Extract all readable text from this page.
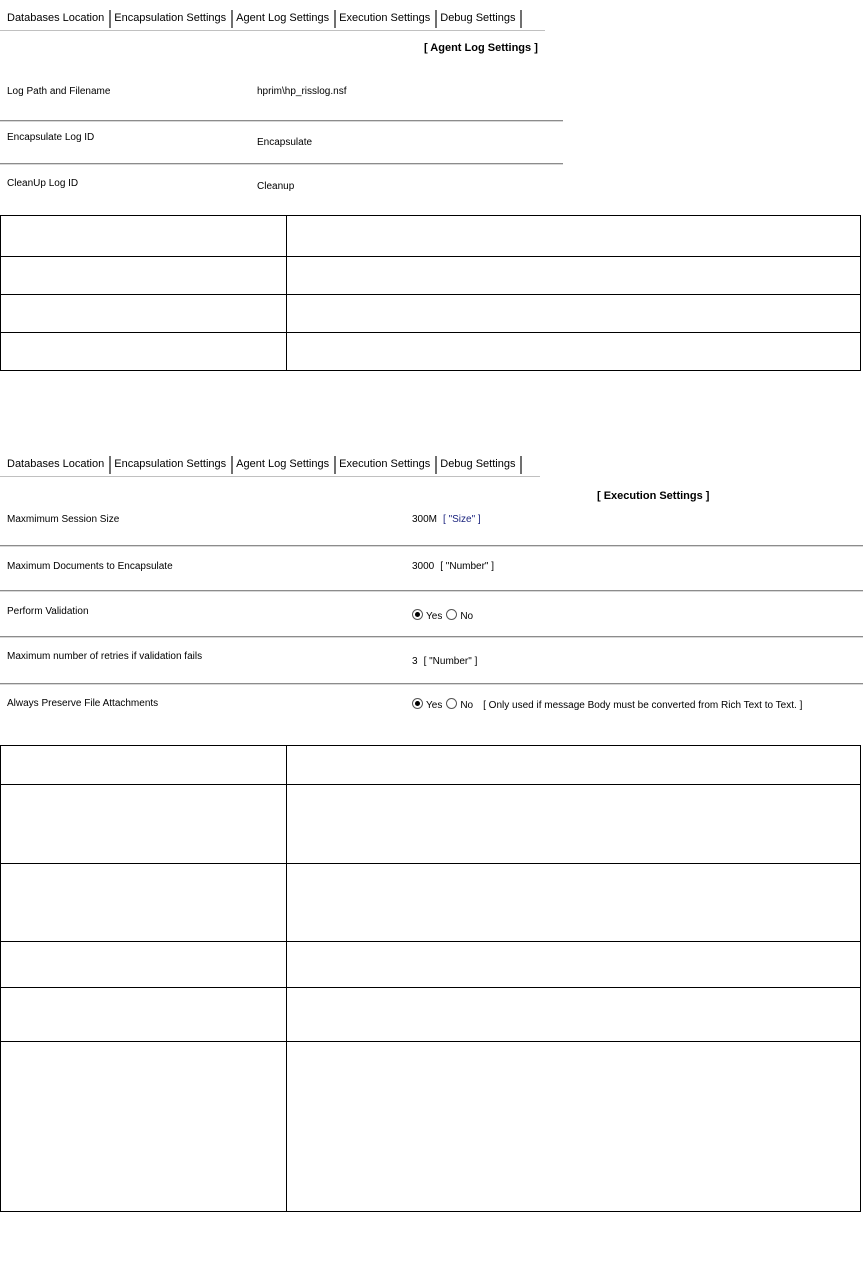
Databases Location Encapsulation Settings Agent Log Settings Execution Settings Debug Settings
[ Agent Log Settings ]
Log Path and Filename	hprim\hp_risslog.nsf
Encapsulate Log ID	Encapsulate
CleanUp Log ID	Cleanup

Databases Location Encapsulation Settings Agent Log Settings Execution Settings Debug Settings
[ Execution Settings ]
Maxmimum Session Size	300M [ "Size" ]
Maximum Documents to Encapsulate	3000 [ "Number" ]
Perform Validation	Yes No
Maximum number of retries if validation fails	3 [ "Number" ]
Always Preserve File Attachments	Yes No [ Only used if message Body must be converted from Rich Text to Text. ]
